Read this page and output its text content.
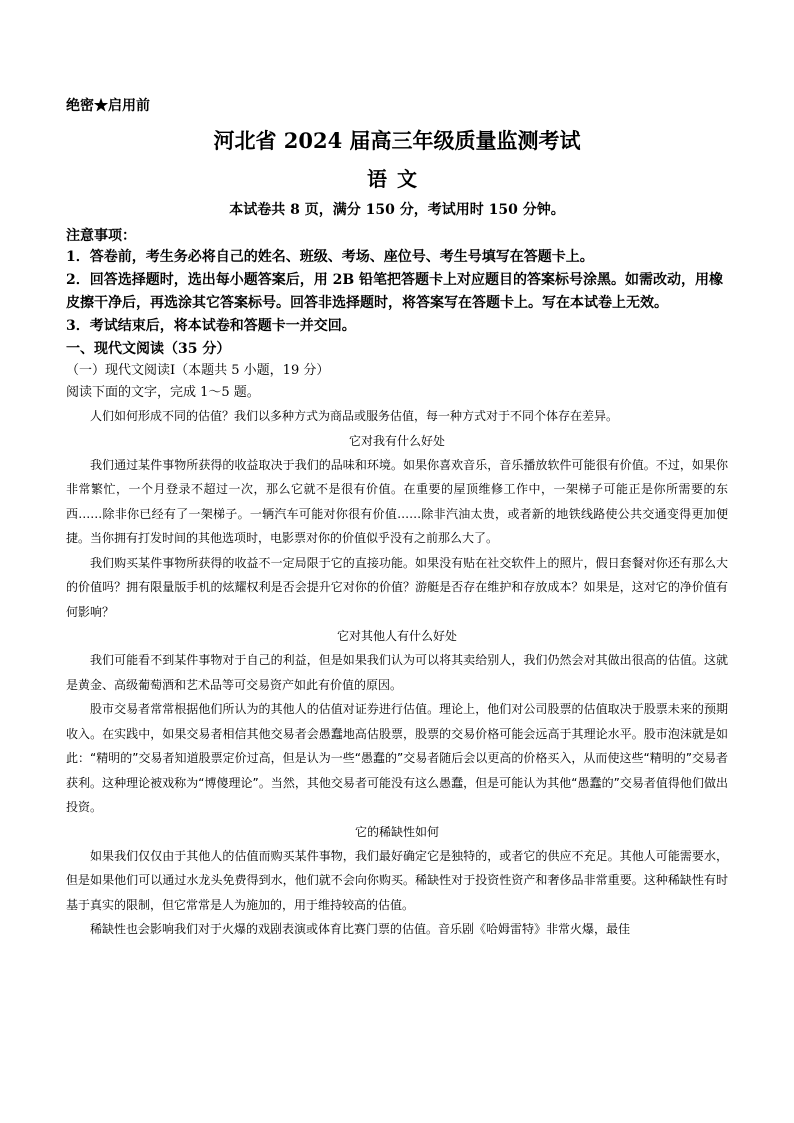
绝密★启用前
河北省 2024 届高三年级质量监测考试
语文
本试卷共 8 页，满分 150 分，考试用时 150 分钟。
注意事项：
1．答卷前，考生务必将自己的姓名、班级、考场、座位号、考生号填写在答题卡上。
2．回答选择题时，选出每小题答案后，用 2B 铅笔把答题卡上对应题目的答案标号涂黑。如需改动，用橡皮擦干净后，再选涂其它答案标号。回答非选择题时，将答案写在答题卡上。写在本试卷上无效。
3．考试结束后，将本试卷和答题卡一并交回。
一、现代文阅读（35 分）
（一）现代文阅读Ⅰ（本题共 5 小题，19 分）
阅读下面的文字，完成 1～5 题。

人们如何形成不同的估值？我们以多种方式为商品或服务估值，每一种方式对于不同个体存在差异。

它对我有什么好处

我们通过某件事物所获得的收益取决于我们的品味和环境。如果你喜欢音乐，音乐播放软件可能很有价值。不过，如果你非常繁忙，一个月登录不超过一次，那么它就不是很有价值。在重要的屋顶维修工作中，一架梯子可能正是你所需要的东西……除非你已经有了一架梯子。一辆汽车可能对你很有价值……除非汽油太贵，或者新的地铁线路使公共交通变得更加便捷。当你拥有打发时间的其他选项时，电影票对你的价值似乎没有之前那么大了。

我们购买某件事物所获得的收益不一定局限于它的直接功能。如果没有贴在社交软件上的照片，假日套餐对你还有那么大的价值吗？拥有限量版手机的炫耀权利是否会提升它对你的价值？游艇是否存在维护和存放成本？如果是，这对它的净价值有何影响？

它对其他人有什么好处

我们可能看不到某件事物对于自己的利益，但是如果我们认为可以将其卖给别人，我们仍然会对其做出很高的估值。这就是黄金、高级葡萄酒和艺术品等可交易资产如此有价值的原因。

股市交易者常常根据他们所认为的其他人的估值对证券进行估值。理论上，他们对公司股票的估值取决于股票未来的预期收入。在实践中，如果交易者相信其他交易者会愚蠢地高估股票，股票的交易价格可能会远高于其理论水平。股市泡沫就是如此：“精明的”交易者知道股票定价过高，但是认为一些“愚蠢的”交易者随后会以更高的价格买入，从而使这些“精明的”交易者获利。这种理论被戏称为“博傻理论”。当然，其他交易者可能没有这么愚蠢，但是可能认为其他“愚蠢的”交易者值得他们做出投资。

它的稀缺性如何

如果我们仅仅由于其他人的估值而购买某件事物，我们最好确定它是独特的，或者它的供应不充足。其他人可能需要水，但是如果他们可以通过水龙头免费得到水，他们就不会向你购买。稀缺性对于投资性资产和奢侈品非常重要。这种稀缺性有时基于真实的限制，但它常常是人为施加的，用于维持较高的估值。

稀缺性也会影响我们对于火爆的戏剧表演或体育比赛门票的估值。音乐剧《哈姆雷特》非常火爆，最佳
